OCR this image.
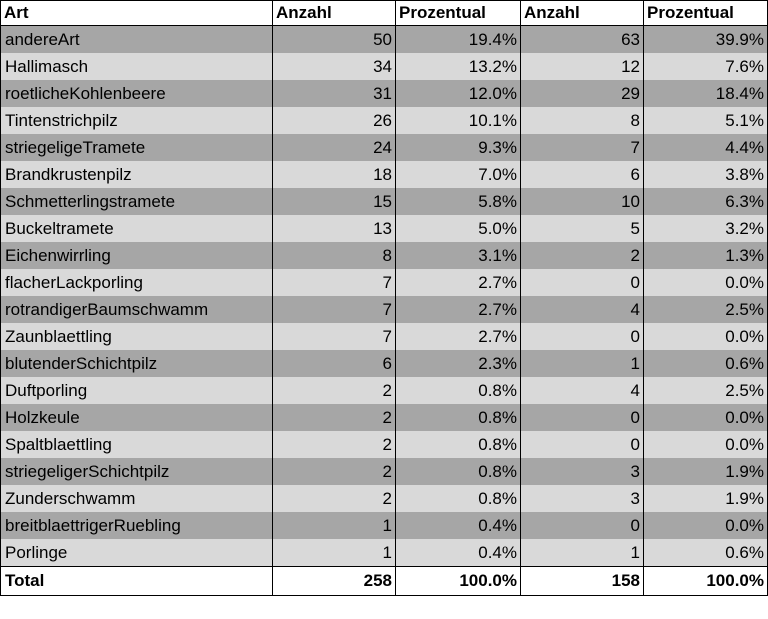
Art	Anzahl	Prozentual	Anzahl	Prozentual
andereArt	50	19.4%	63	39.9%
Hallimasch	34	13.2%	12	7.6%
roetlicheKohlenbeere	31	12.0%	29	18.4%
Tintenstrichpilz	26	10.1%	8	5.1%
striegeligeTramete	24	9.3%	7	4.4%
Brandkrustenpilz	18	7.0%	6	3.8%
Schmetterlingstramete	15	5.8%	10	6.3%
Buckeltramete	13	5.0%	5	3.2%
Eichenwirrling	8	3.1%	2	1.3%
flacherLackporling	7	2.7%	0	0.0%
rotrandigerBaumschwamm	7	2.7%	4	2.5%
Zaunblaettling	7	2.7%	0	0.0%
blutenderSchichtpilz	6	2.3%	1	0.6%
Duftporling	2	0.8%	4	2.5%
Holzkeule	2	0.8%	0	0.0%
Spaltblaettling	2	0.8%	0	0.0%
striegeligerSchichtpilz	2	0.8%	3	1.9%
Zunderschwamm	2	0.8%	3	1.9%
breitblaettrigerRuebling	1	0.4%	0	0.0%
Porlinge	1	0.4%	1	0.6%
Total	258	100.0%	158	100.0%
